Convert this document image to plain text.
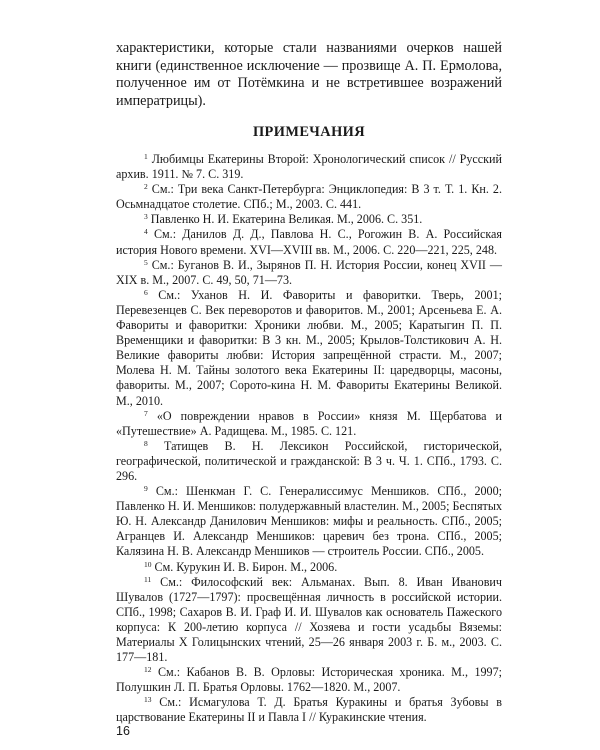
характеристики, которые стали названиями очерков нашей книги (единственное исключение — прозвище А. П. Ермолова, полученное им от Потёмкина и не встретившее возражений императрицы).

ПРИМЕЧАНИЯ

$^1$ Любимцы Екатерины Второй: Хронологический список // Русский архив. 1911. № 7. С. 319.

$^2$ См.: Три века Санкт-Петербурга: Энциклопедия: В 3 т. Т. 1. Кн. 2. Осьмнадцатое столетие. СПб.; М., 2003. С. 441.

$^3$ Павленко Н. И. Екатерина Великая. М., 2006. С. 351.

$^4$ См.: Данилов Д. Д., Павлова Н. С., Рогожин В. А. Российская история Нового времени. XVI—XVIII вв. М., 2006. С. 220—221, 225, 248.

$^5$ См.: Буганов В. И., Зырянов П. Н. История России, конец XVII — XIX в. М., 2007. С. 49, 50, 71—73.

$^6$ См.: Уханов Н. И. Фавориты и фаворитки. Тверь, 2001; Перевезенцев С. Век переворотов и фаворитов. М., 2001; Арсеньева Е. А. Фавориты и фаворитки: Хроники любви. М., 2005; Каратыгин П. П. Временщики и фаворитки: В 3 кн. М., 2005; Крылов-Толстикович А. Н. Великие фавориты любви: История запрещённой страсти. М., 2007; Молева Н. М. Тайны золотого века Екатерины II: царедворцы, масоны, фавориты. М., 2007; Сорото-кина Н. М. Фавориты Екатерины Великой. М., 2010.

$^7$ «О повреждении нравов в России» князя М. Щербатова и «Путешествие» А. Радищева. М., 1985. С. 121.

$^8$ Татищев В. Н. Лексикон Российской, гисторической, географической, политической и гражданской: В 3 ч. Ч. 1. СПб., 1793. С. 296.

$^9$ См.: Шенкман Г. С. Генералиссимус Меншиков. СПб., 2000; Павленко Н. И. Меншиков: полудержавный властелин. М., 2005; Беспятых Ю. Н. Александр Данилович Меншиков: мифы и реальность. СПб., 2005; Агранцев И. Александр Меншиков: царевич без трона. СПб., 2005; Калязина Н. В. Александр Меншиков — строитель России. СПб., 2005.

$^{10}$ См. Курукин И. В. Бирон. М., 2006.

$^{11}$ См.: Философский век: Альманах. Вып. 8. Иван Иванович Шувалов (1727—1797): просвещённая личность в российской истории. СПб., 1998; Сахаров В. И. Граф И. И. Шувалов как основатель Пажеского корпуса: К 200-летию корпуса // Хозяева и гости усадьбы Вяземы: Материалы X Голицынских чтений, 25—26 января 2003 г. Б. м., 2003. С. 177—181.

$^{12}$ См.: Кабанов В. В. Орловы: Историческая хроника. М., 1997; Полушкин Л. П. Братья Орловы. 1762—1820. М., 2007.

$^{13}$ См.: Исмагулова Т. Д. Братья Куракины и братья Зубовы в царствование Екатерины II и Павла I // Куракинские чтения.

16
